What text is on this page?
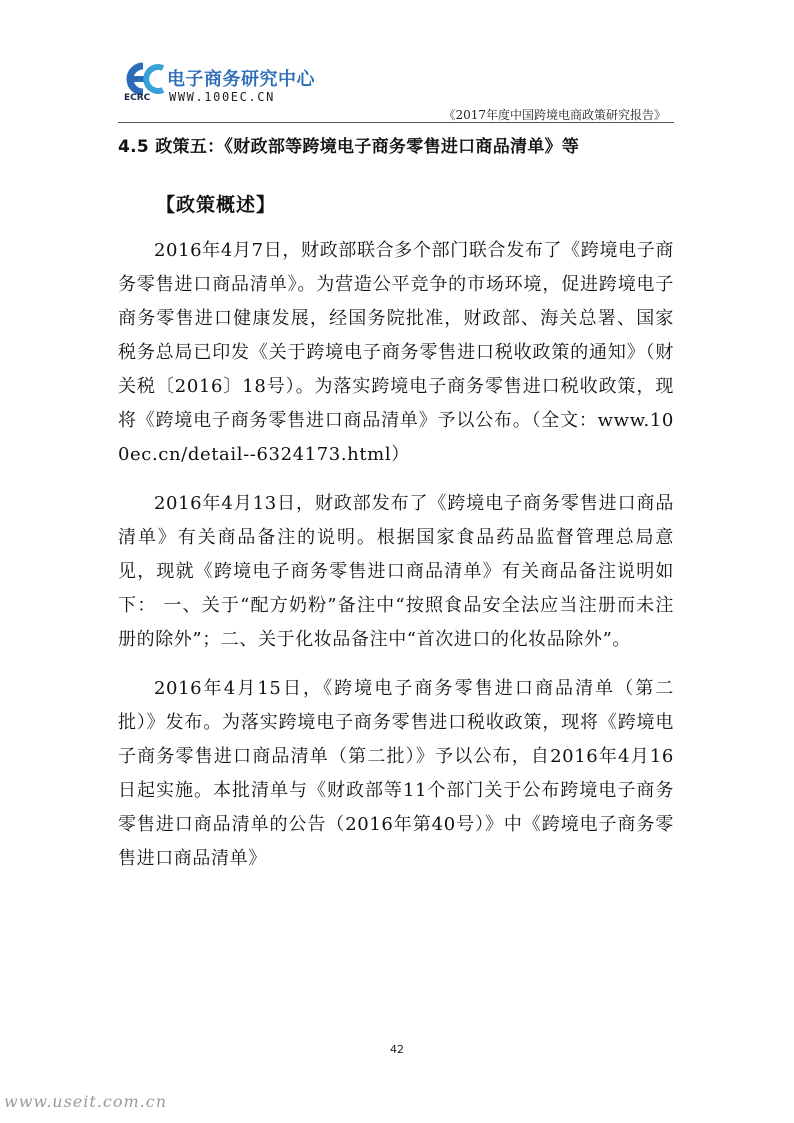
电子商务研究中心
ECRC WWW.100EC.CN
《2017年度中国跨境电商政策研究报告》
4.5 政策五：《财政部等跨境电子商务零售进口商品清单》等
【政策概述】

2016年4月7日，财政部联合多个部门联合发布了《跨境电子商务零售进口商品清单》。为营造公平竞争的市场环境，促进跨境电子商务零售进口健康发展，经国务院批准，财政部、海关总署、国家税务总局已印发《关于跨境电子商务零售进口税收政策的通知》（财关税〔2016〕18号）。为落实跨境电子商务零售进口税收政策，现将《跨境电子商务零售进口商品清单》予以公布。（全文：www.100ec.cn/detail--6324173.html）

2016年4月13日，财政部发布了《跨境电子商务零售进口商品清单》有关商品备注的说明。根据国家食品药品监督管理总局意见，现就《跨境电子商务零售进口商品清单》有关商品备注说明如下： 一、关于“配方奶粉”备注中“按照食品安全法应当注册而未注册的除外”；二、关于化妆品备注中“首次进口的化妆品除外”。

2016年4月15日，《跨境电子商务零售进口商品清单（第二批）》发布。为落实跨境电子商务零售进口税收政策，现将《跨境电子商务零售进口商品清单（第二批）》予以公布，自2016年4月16日起实施。本批清单与《财政部等11个部门关于公布跨境电子商务零售进口商品清单的公告（2016年第40号）》中《跨境电子商务零售进口商品清单》

42
www.useit.com.cn
